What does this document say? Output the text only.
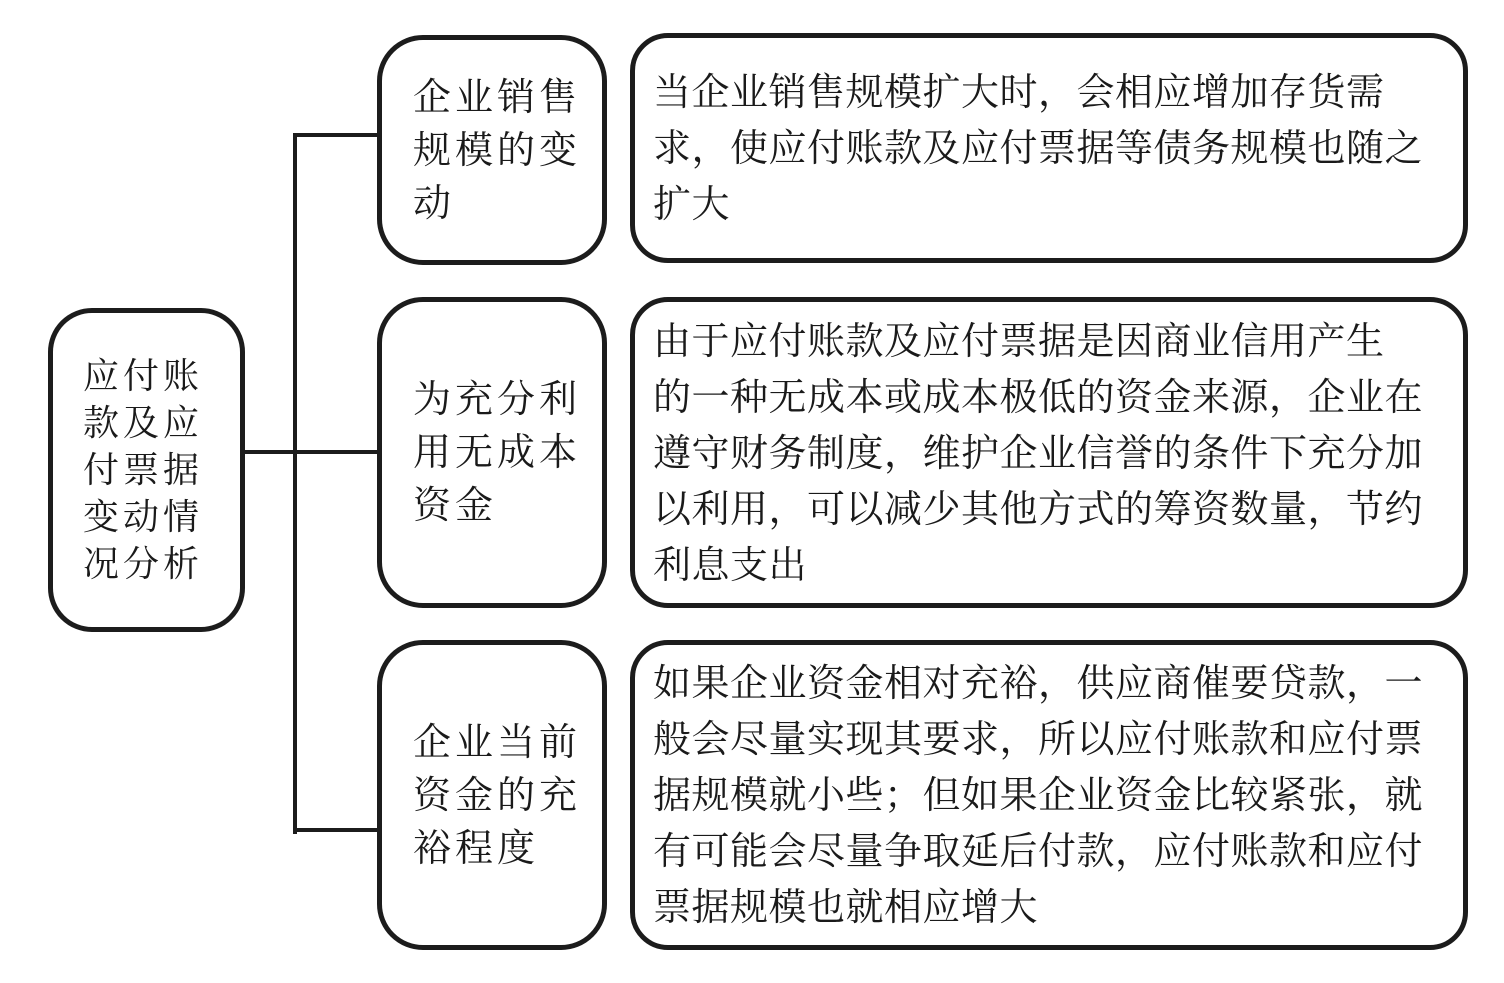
应付账
款及应
付票据
变动情
况分析
企业销售
规模的变
动
为充分利
用无成本
资金
企业当前
资金的充
裕程度
当企业销售规模扩大时，会相应增加存货需
求，使应付账款及应付票据等债务规模也随之
扩大
由于应付账款及应付票据是因商业信用产生
的一种无成本或成本极低的资金来源，企业在
遵守财务制度，维护企业信誉的条件下充分加
以利用，可以减少其他方式的筹资数量，节约
利息支出
如果企业资金相对充裕，供应商催要贷款，一
般会尽量实现其要求，所以应付账款和应付票
据规模就小些；但如果企业资金比较紧张，就
有可能会尽量争取延后付款，应付账款和应付
票据规模也就相应增大
